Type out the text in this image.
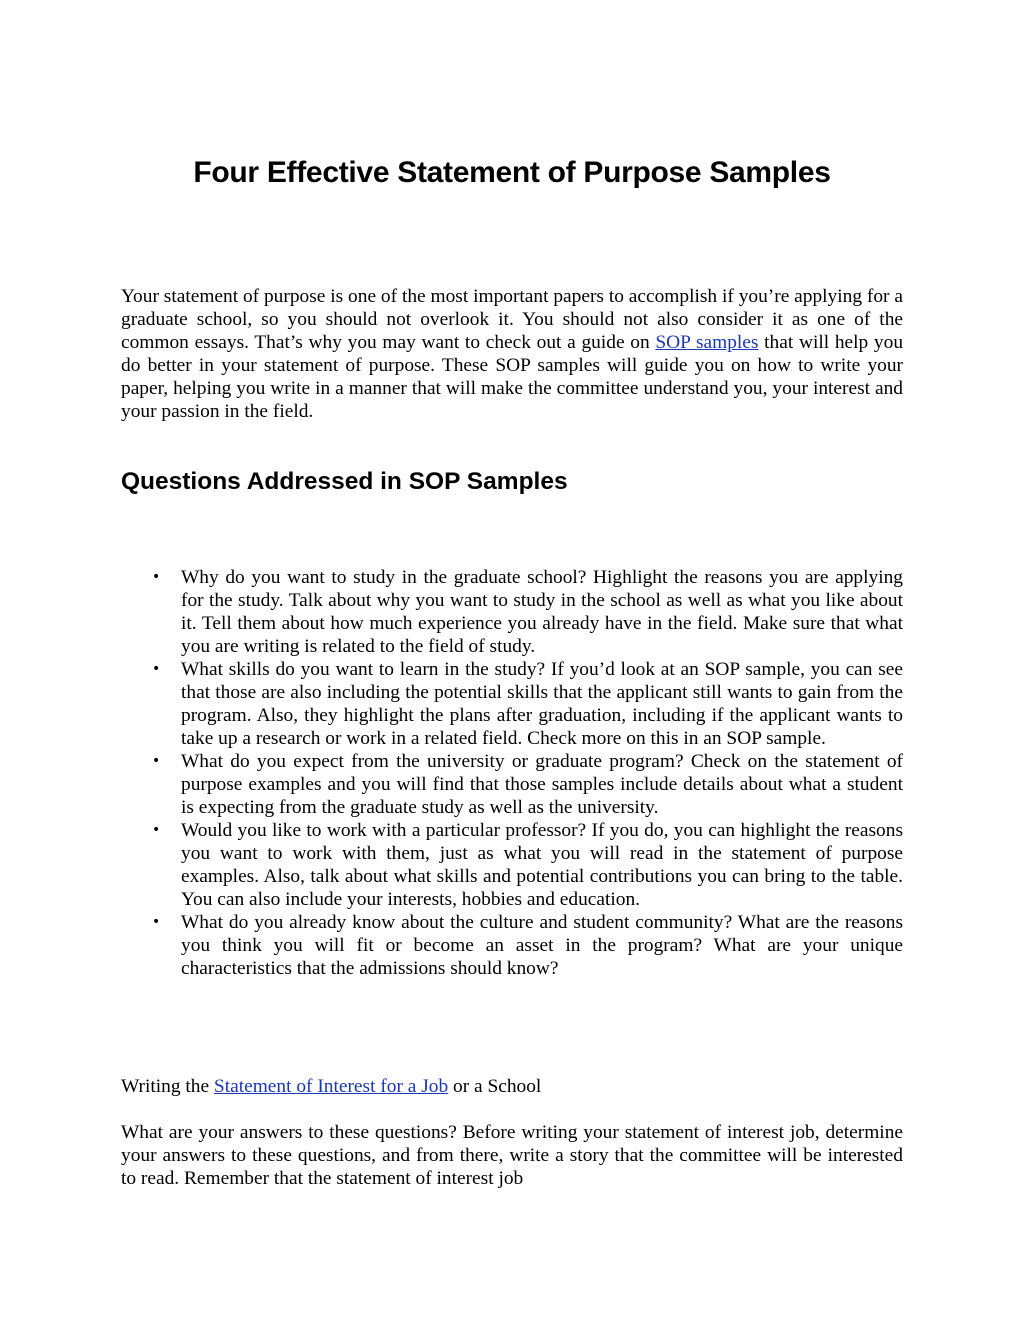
Four Effective Statement of Purpose Samples

Your statement of purpose is one of the most important papers to accomplish if you’re applying for a graduate school, so you should not overlook it. You should not also consider it as one of the common essays. That’s why you may want to check out a guide on SOP samples that will help you do better in your statement of purpose. These SOP samples will guide you on how to write your paper, helping you write in a manner that will make the committee understand you, your interest and your passion in the field.

Questions Addressed in SOP Samples
• Why do you want to study in the graduate school? Highlight the reasons you are applying for the study. Talk about why you want to study in the school as well as what you like about it. Tell them about how much experience you already have in the field. Make sure that what you are writing is related to the field of study.
• What skills do you want to learn in the study? If you’d look at an SOP sample, you can see that those are also including the potential skills that the applicant still wants to gain from the program. Also, they highlight the plans after graduation, including if the applicant wants to take up a research or work in a related field. Check more on this in an SOP sample.
• What do you expect from the university or graduate program? Check on the statement of purpose examples and you will find that those samples include details about what a student is expecting from the graduate study as well as the university.
• Would you like to work with a particular professor? If you do, you can highlight the reasons you want to work with them, just as what you will read in the statement of purpose examples. Also, talk about what skills and potential contributions you can bring to the table. You can also include your interests, hobbies and education.
• What do you already know about the culture and student community? What are the reasons you think you will fit or become an asset in the program? What are your unique characteristics that the admissions should know?

Writing the Statement of Interest for a Job or a School

What are your answers to these questions? Before writing your statement of interest job, determine your answers to these questions, and from there, write a story that the committee will be interested to read. Remember that the statement of interest job
